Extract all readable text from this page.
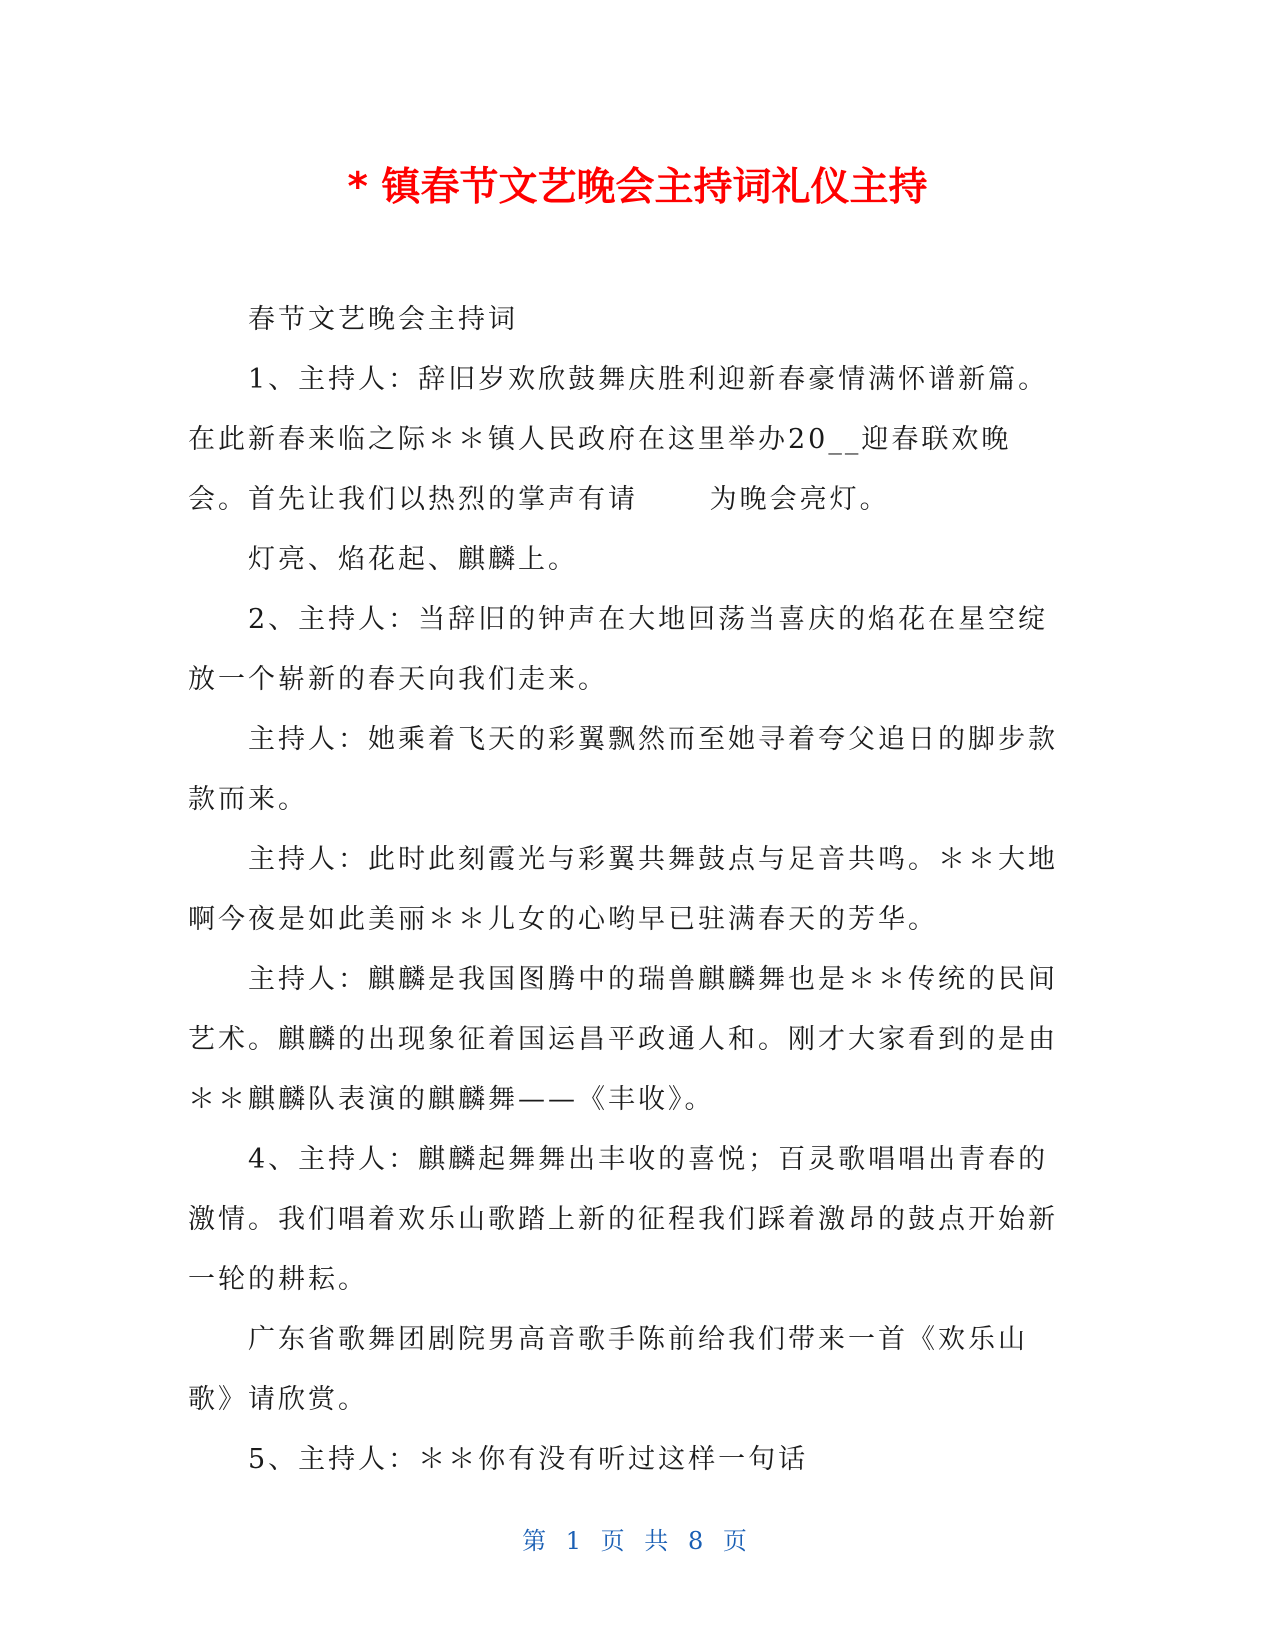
* 镇春节文艺晚会主持词礼仪主持

春节文艺晚会主持词

1、主持人：辞旧岁欢欣鼓舞庆胜利迎新春豪情满怀谱新篇。在此新春来临之际＊＊镇人民政府在这里举办20__迎春联欢晚会。首先让我们以热烈的掌声有请　　 为晚会亮灯。

灯亮、焰花起、麒麟上。

2、主持人：当辞旧的钟声在大地回荡当喜庆的焰花在星空绽放一个崭新的春天向我们走来。

主持人：她乘着飞天的彩翼飘然而至她寻着夸父追日的脚步款款而来。

主持人：此时此刻霞光与彩翼共舞鼓点与足音共鸣。＊＊大地啊今夜是如此美丽＊＊儿女的心哟早已驻满春天的芳华。

主持人：麒麟是我国图腾中的瑞兽麒麟舞也是＊＊传统的民间艺术。麒麟的出现象征着国运昌平政通人和。刚才大家看到的是由＊＊麒麟队表演的麒麟舞——《丰收》。

4、主持人：麒麟起舞舞出丰收的喜悦；百灵歌唱唱出青春的激情。我们唱着欢乐山歌踏上新的征程我们踩着激昂的鼓点开始新一轮的耕耘。

广东省歌舞团剧院男高音歌手陈前给我们带来一首《欢乐山歌》请欣赏。

5、主持人：＊＊你有没有听过这样一句话

第 1 页 共 8 页
